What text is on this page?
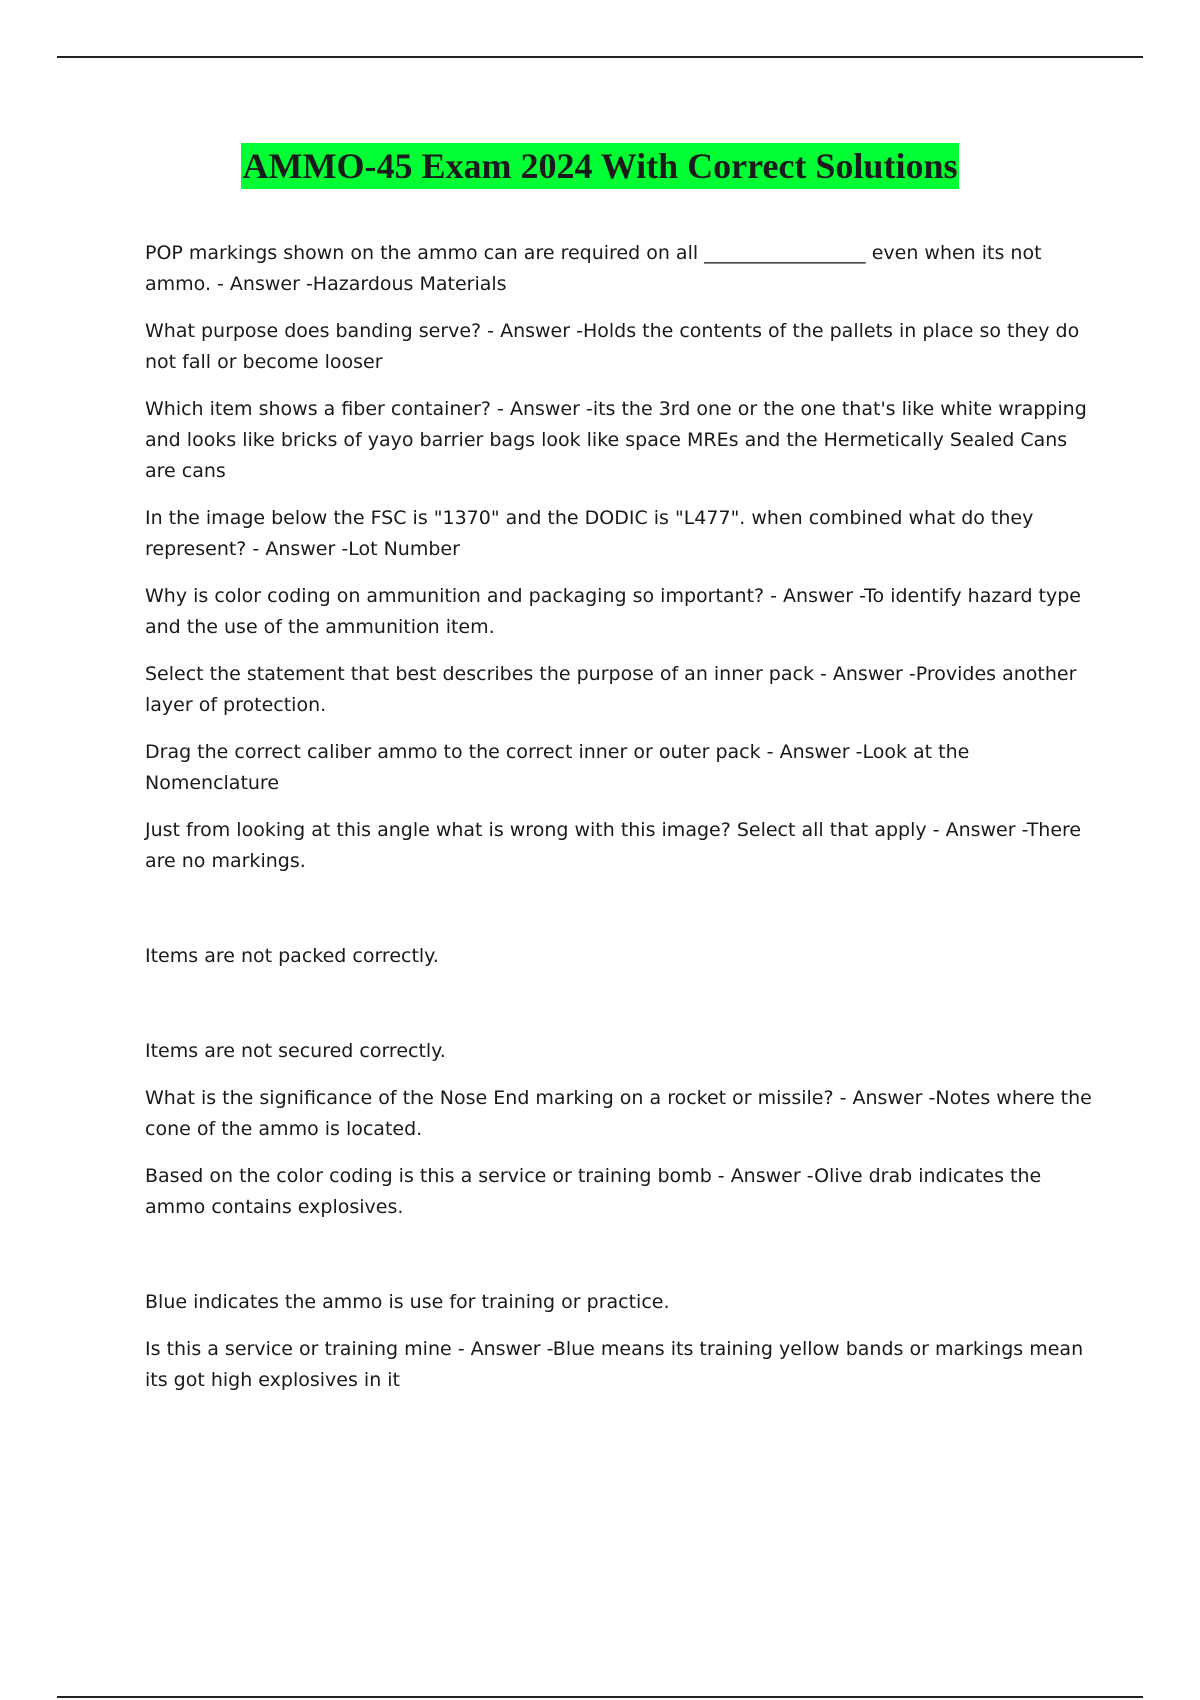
AMMO-45 Exam 2024 With Correct Solutions

POP markings shown on the ammo can are required on all _________________ even when its not ammo. - Answer -Hazardous Materials

What purpose does banding serve? - Answer -Holds the contents of the pallets in place so they do not fall or become looser

Which item shows a fiber container? - Answer -its the 3rd one or the one that's like white wrapping and looks like bricks of yayo barrier bags look like space MREs and the Hermetically Sealed Cans are cans

In the image below the FSC is "1370" and the DODIC is "L477". when combined what do they represent? - Answer -Lot Number

Why is color coding on ammunition and packaging so important? - Answer -To identify hazard type and the use of the ammunition item.

Select the statement that best describes the purpose of an inner pack - Answer -Provides another layer of protection.

Drag the correct caliber ammo to the correct inner or outer pack - Answer -Look at the Nomenclature

Just from looking at this angle what is wrong with this image? Select all that apply - Answer -There are no markings.

Items are not packed correctly.

Items are not secured correctly.

What is the significance of the Nose End marking on a rocket or missile? - Answer -Notes where the cone of the ammo is located.

Based on the color coding is this a service or training bomb - Answer -Olive drab indicates the ammo contains explosives.

Blue indicates the ammo is use for training or practice.

Is this a service or training mine - Answer -Blue means its training yellow bands or markings mean its got high explosives in it
